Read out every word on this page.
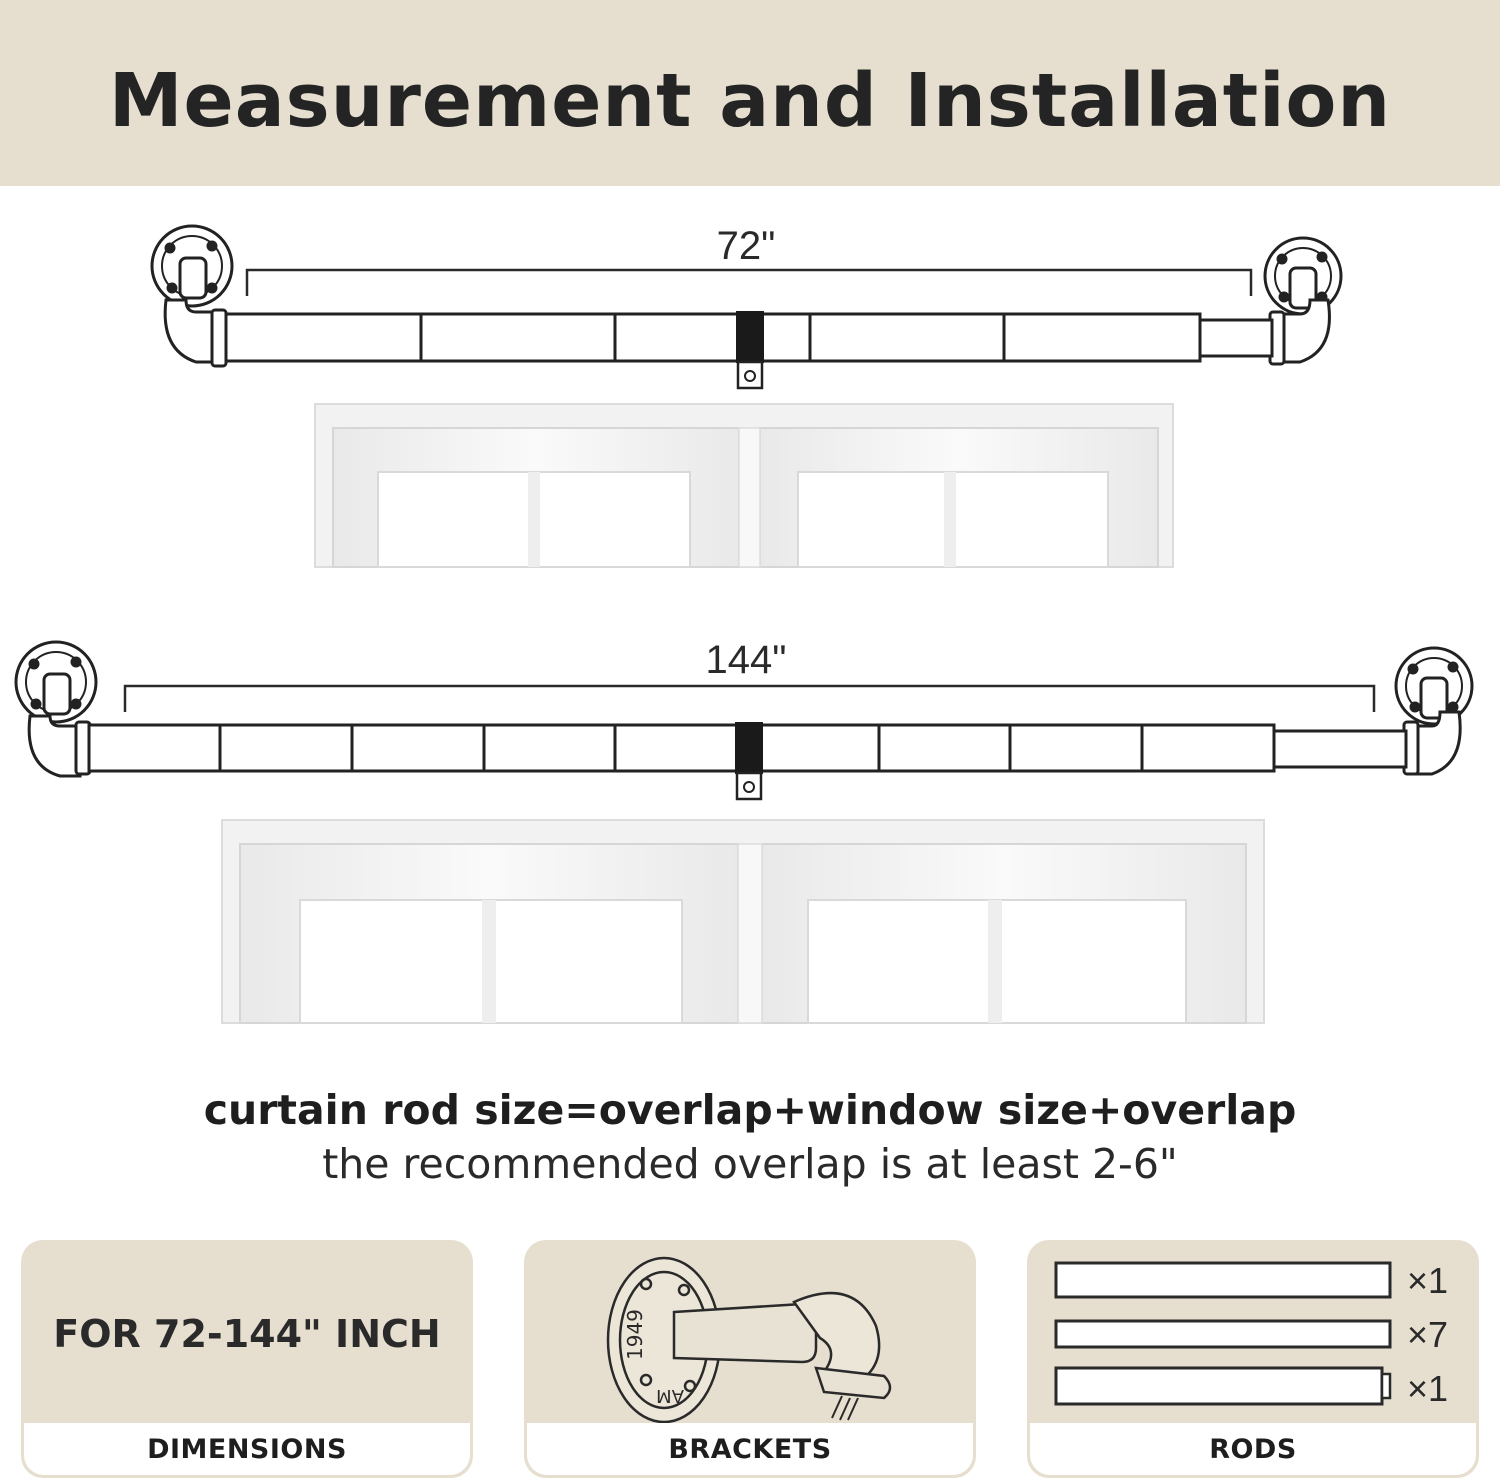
Measurement and Installation
72"
144"
curtain rod size=overlap+window size+overlap
the recommended overlap is at least 2-6"
FOR 72-144" INCH
DIMENSIONS
1949
AM
BRACKETS
×1
×7
×1
RODS
